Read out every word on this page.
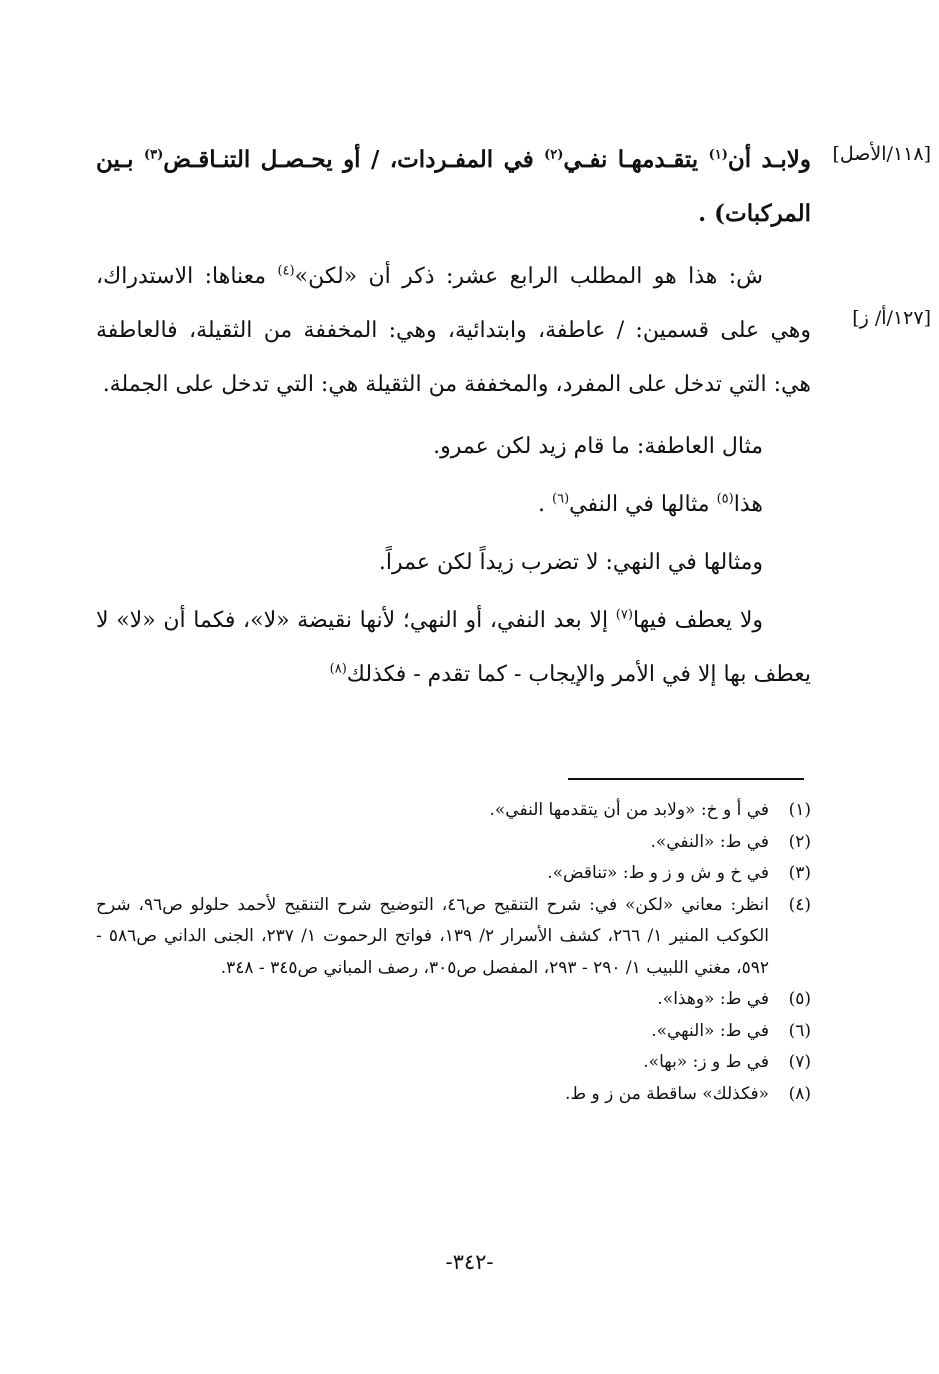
[١١٨/الأصل]
[١٢٧/أ/ ز]

ولابـد أن$^{(١)}$ يتقـدمهـا نفـي$^{(٢)}$ في المفـردات، / أو يحـصـل التنـاقـض$^{(٣)}$ بـين المركبات) .

ش: هذا هو المطلب الرابع عشر: ذكر أن «لكن»$^{(٤)}$ معناها: الاستدراك، وهي على قسمين: / عاطفة، وابتدائية، وهي: المخففة من الثقيلة، فالعاطفة هي: التي تدخل على المفرد، والمخففة من الثقيلة هي: التي تدخل على الجملة.

مثال العاطفة: ما قام زيد لكن عمرو.

هذا$^{(٥)}$ مثالها في النفي$^{(٦)}$ .

ومثالها في النهي: لا تضرب زيداً لكن عمراً.

ولا يعطف فيها$^{(٧)}$ إلا بعد النفي، أو النهي؛ لأنها نقيضة «لا»، فكما أن «لا» لا يعطف بها إلا في الأمر والإيجاب - كما تقدم - فكذلك$^{(٨)}$

(١)
في أ و خ: «ولابد من أن يتقدمها النفي».
(٢)
في ط: «النفي».
(٣)
في خ و ش و ز و ط: «تناقض».
(٤)
انظر: معاني «لكن» في: شرح التنقيح ص٤٦، التوضيح شرح التنقيح لأحمد حلولو ص٩٦، شرح الكوكب المنير ١/ ٢٦٦، كشف الأسرار ٢/ ١٣٩، فواتح الرحموت ١/ ٢٣٧، الجنى الداني ص٥٨٦ - ٥٩٢، مغني اللبيب ١/ ٢٩٠ - ٢٩٣، المفصل ص٣٠٥، رصف المباني ص٣٤٥ - ٣٤٨.
(٥)
في ط: «وهذا».
(٦)
في ط: «النهي».
(٧)
في ط و ز: «بها».
(٨)
«فكذلك» ساقطة من ز و ط.
-٣٤٢-
